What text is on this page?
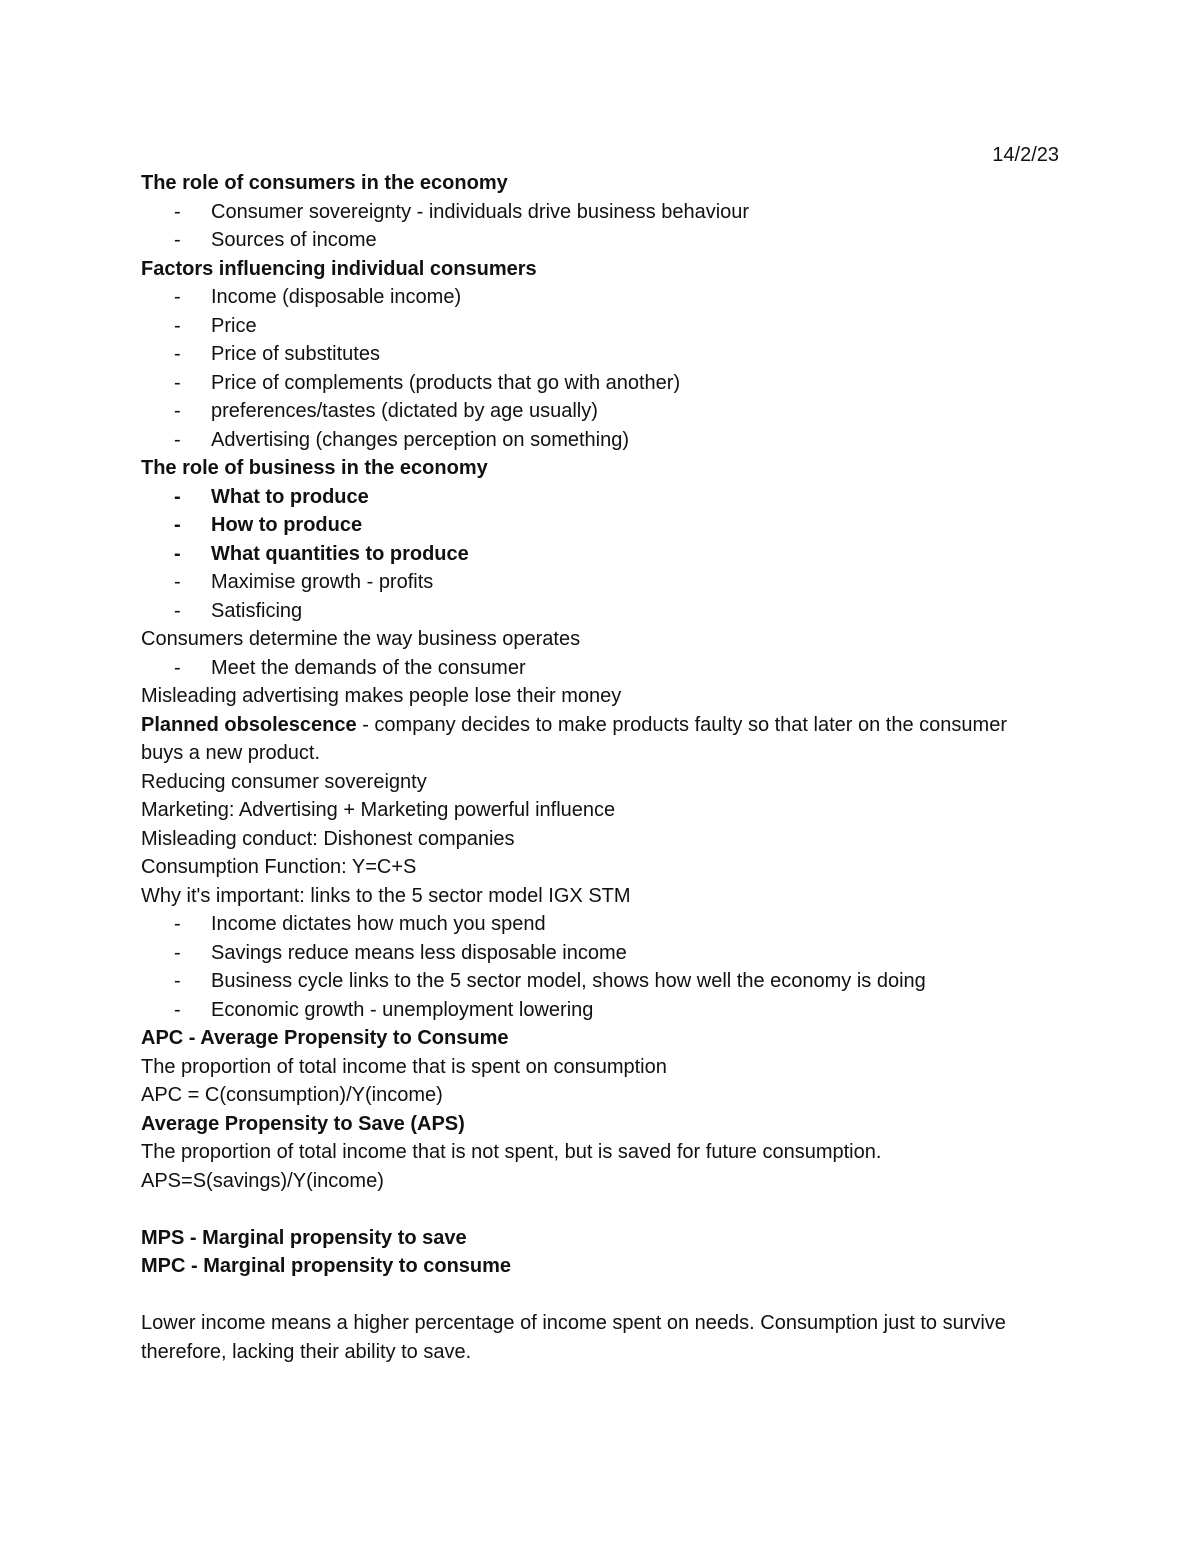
14/2/23
The role of consumers in the economy
-	Consumer sovereignty - individuals drive business behaviour
-	Sources of income
Factors influencing individual consumers
-	Income (disposable income)
-	Price
-	Price of substitutes
-	Price of complements (products that go with another)
-	preferences/tastes (dictated by age usually)
-	Advertising (changes perception on something)
The role of business in the economy
-	What to produce
-	How to produce
-	What quantities to produce
-	Maximise growth - profits
-	Satisficing
Consumers determine the way business operates
-	Meet the demands of the consumer
Misleading advertising makes people lose their money
Planned obsolescence - company decides to make products faulty so that later on the consumer buys a new product.
Reducing consumer sovereignty
Marketing: Advertising + Marketing powerful influence
Misleading conduct: Dishonest companies
Consumption Function: Y=C+S
Why it's important: links to the 5 sector model IGX STM
-	Income dictates how much you spend
-	Savings reduce means less disposable income
-	Business cycle links to the 5 sector model, shows how well the economy is doing
-	Economic growth - unemployment lowering
APC - Average Propensity to Consume
The proportion of total income that is spent on consumption
APC = C(consumption)/Y(income)
Average Propensity to Save (APS)
The proportion of total income that is not spent, but is saved for future consumption.
APS=S(savings)/Y(income)
MPS - Marginal propensity to save
MPC - Marginal propensity to consume
Lower income means a higher percentage of income spent on needs. Consumption just to survive therefore, lacking their ability to save.
